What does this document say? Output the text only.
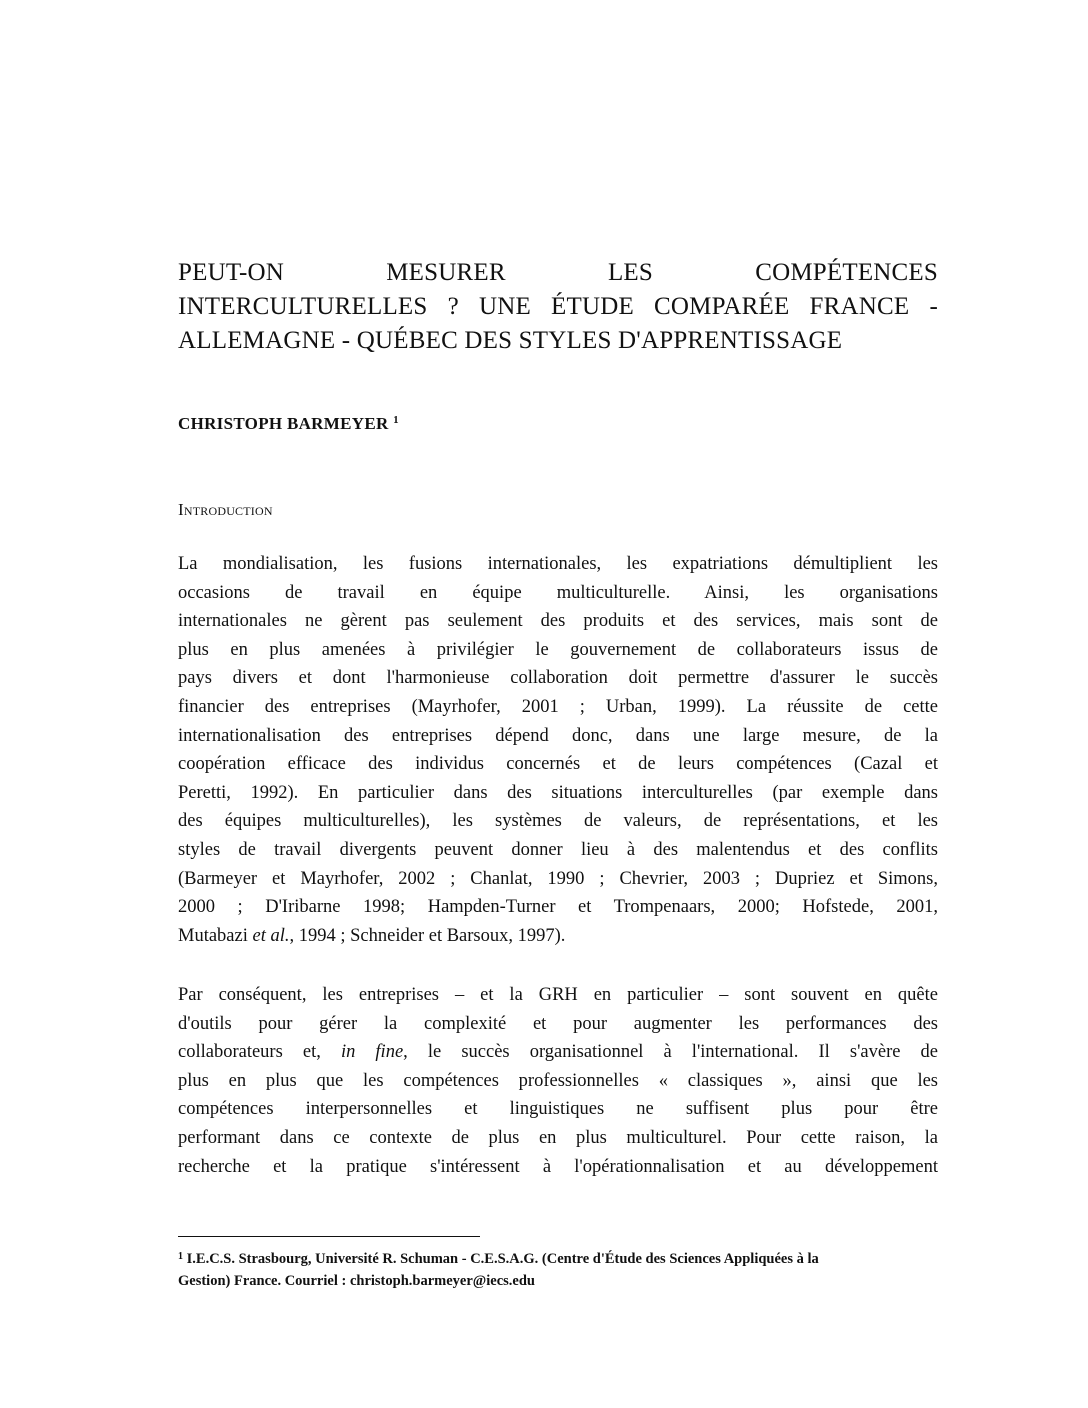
PEUT-ON MESURER LES COMPÉTENCES
INTERCULTURELLES ? UNE ÉTUDE COMPARÉE FRANCE -
ALLEMAGNE - QUÉBEC DES STYLES D'APPRENTISSAGE
CHRISTOPH BARMEYER $^1$
Introduction
La mondialisation, les fusions internationales, les expatriations démultiplient les
occasions de travail en équipe multiculturelle. Ainsi, les organisations
internationales ne gèrent pas seulement des produits et des services, mais sont de
plus en plus amenées à privilégier le gouvernement de collaborateurs issus de
pays divers et dont l'harmonieuse collaboration doit permettre d'assurer le succès
financier des entreprises (Mayrhofer, 2001 ; Urban, 1999). La réussite de cette
internationalisation des entreprises dépend donc, dans une large mesure, de la
coopération efficace des individus concernés et de leurs compétences (Cazal et
Peretti, 1992). En particulier dans des situations interculturelles (par exemple dans
des équipes multiculturelles), les systèmes de valeurs, de représentations, et les
styles de travail divergents peuvent donner lieu à des malentendus et des conflits
(Barmeyer et Mayrhofer, 2002 ; Chanlat, 1990 ; Chevrier, 2003 ; Dupriez et Simons,
2000 ; D'Iribarne 1998; Hampden-Turner et Trompenaars, 2000; Hofstede, 2001,
Mutabazi et al., 1994 ; Schneider et Barsoux, 1997).
Par conséquent, les entreprises – et la GRH en particulier – sont souvent en quête
d'outils pour gérer la complexité et pour augmenter les performances des
collaborateurs et, in fine, le succès organisationnel à l'international. Il s'avère de
plus en plus que les compétences professionnelles « classiques », ainsi que les
compétences interpersonnelles et linguistiques ne suffisent plus pour être
performant dans ce contexte de plus en plus multiculturel. Pour cette raison, la
recherche et la pratique s'intéressent à l'opérationnalisation et au développement
$^1$ I.E.C.S. Strasbourg, Université R. Schuman - C.E.S.A.G. (Centre d'Étude des Sciences Appliquées à la
Gestion) France. Courriel : christoph.barmeyer@iecs.edu
